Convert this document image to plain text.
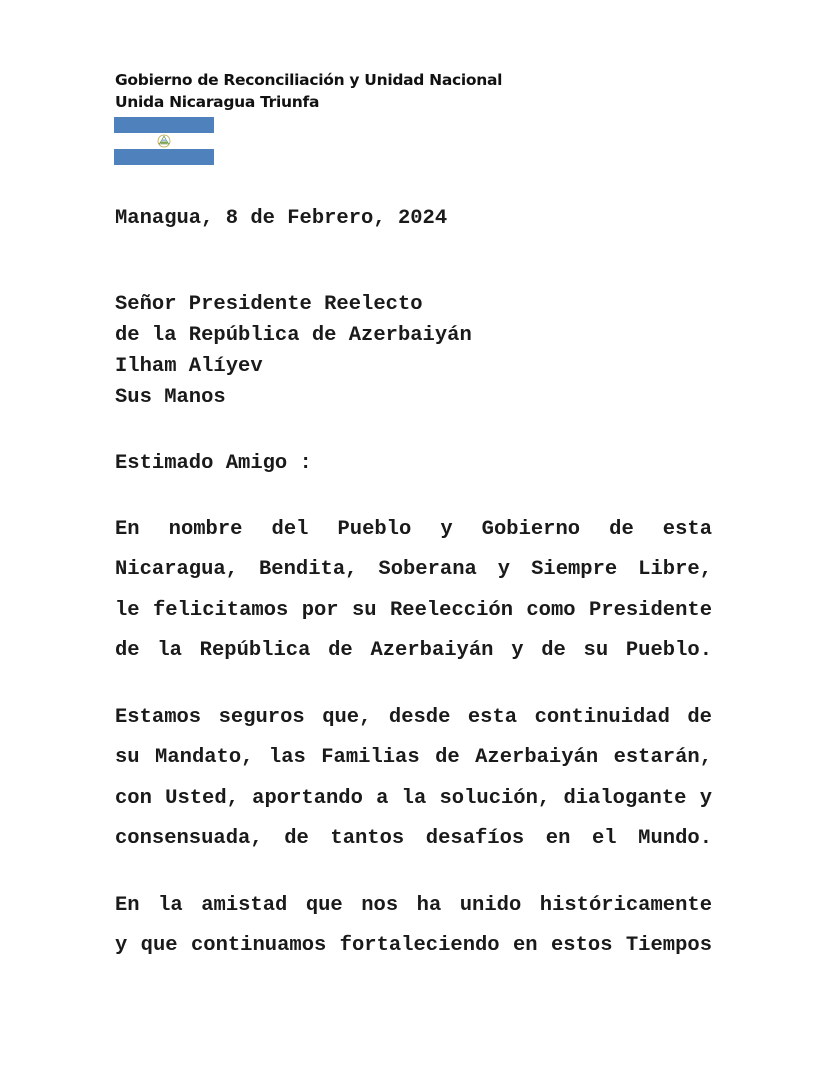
Gobierno de Reconciliación y Unidad Nacional
Unida Nicaragua Triunfa
Managua, 8 de Febrero, 2024
Señor Presidente Reelecto
de la República de Azerbaiyán
Ilham Alíyev
Sus Manos
Estimado Amigo :
En nombre del Pueblo y Gobierno de esta
Nicaragua, Bendita, Soberana y Siempre Libre,
le felicitamos por su Reelección como Presidente
de la República de Azerbaiyán y de su Pueblo.
Estamos seguros que, desde esta continuidad de
su Mandato, las Familias de Azerbaiyán estarán,
con Usted, aportando a la solución, dialogante y
consensuada, de tantos desafíos en el Mundo.
En la amistad que nos ha unido históricamente
y que continuamos fortaleciendo en estos Tiempos
